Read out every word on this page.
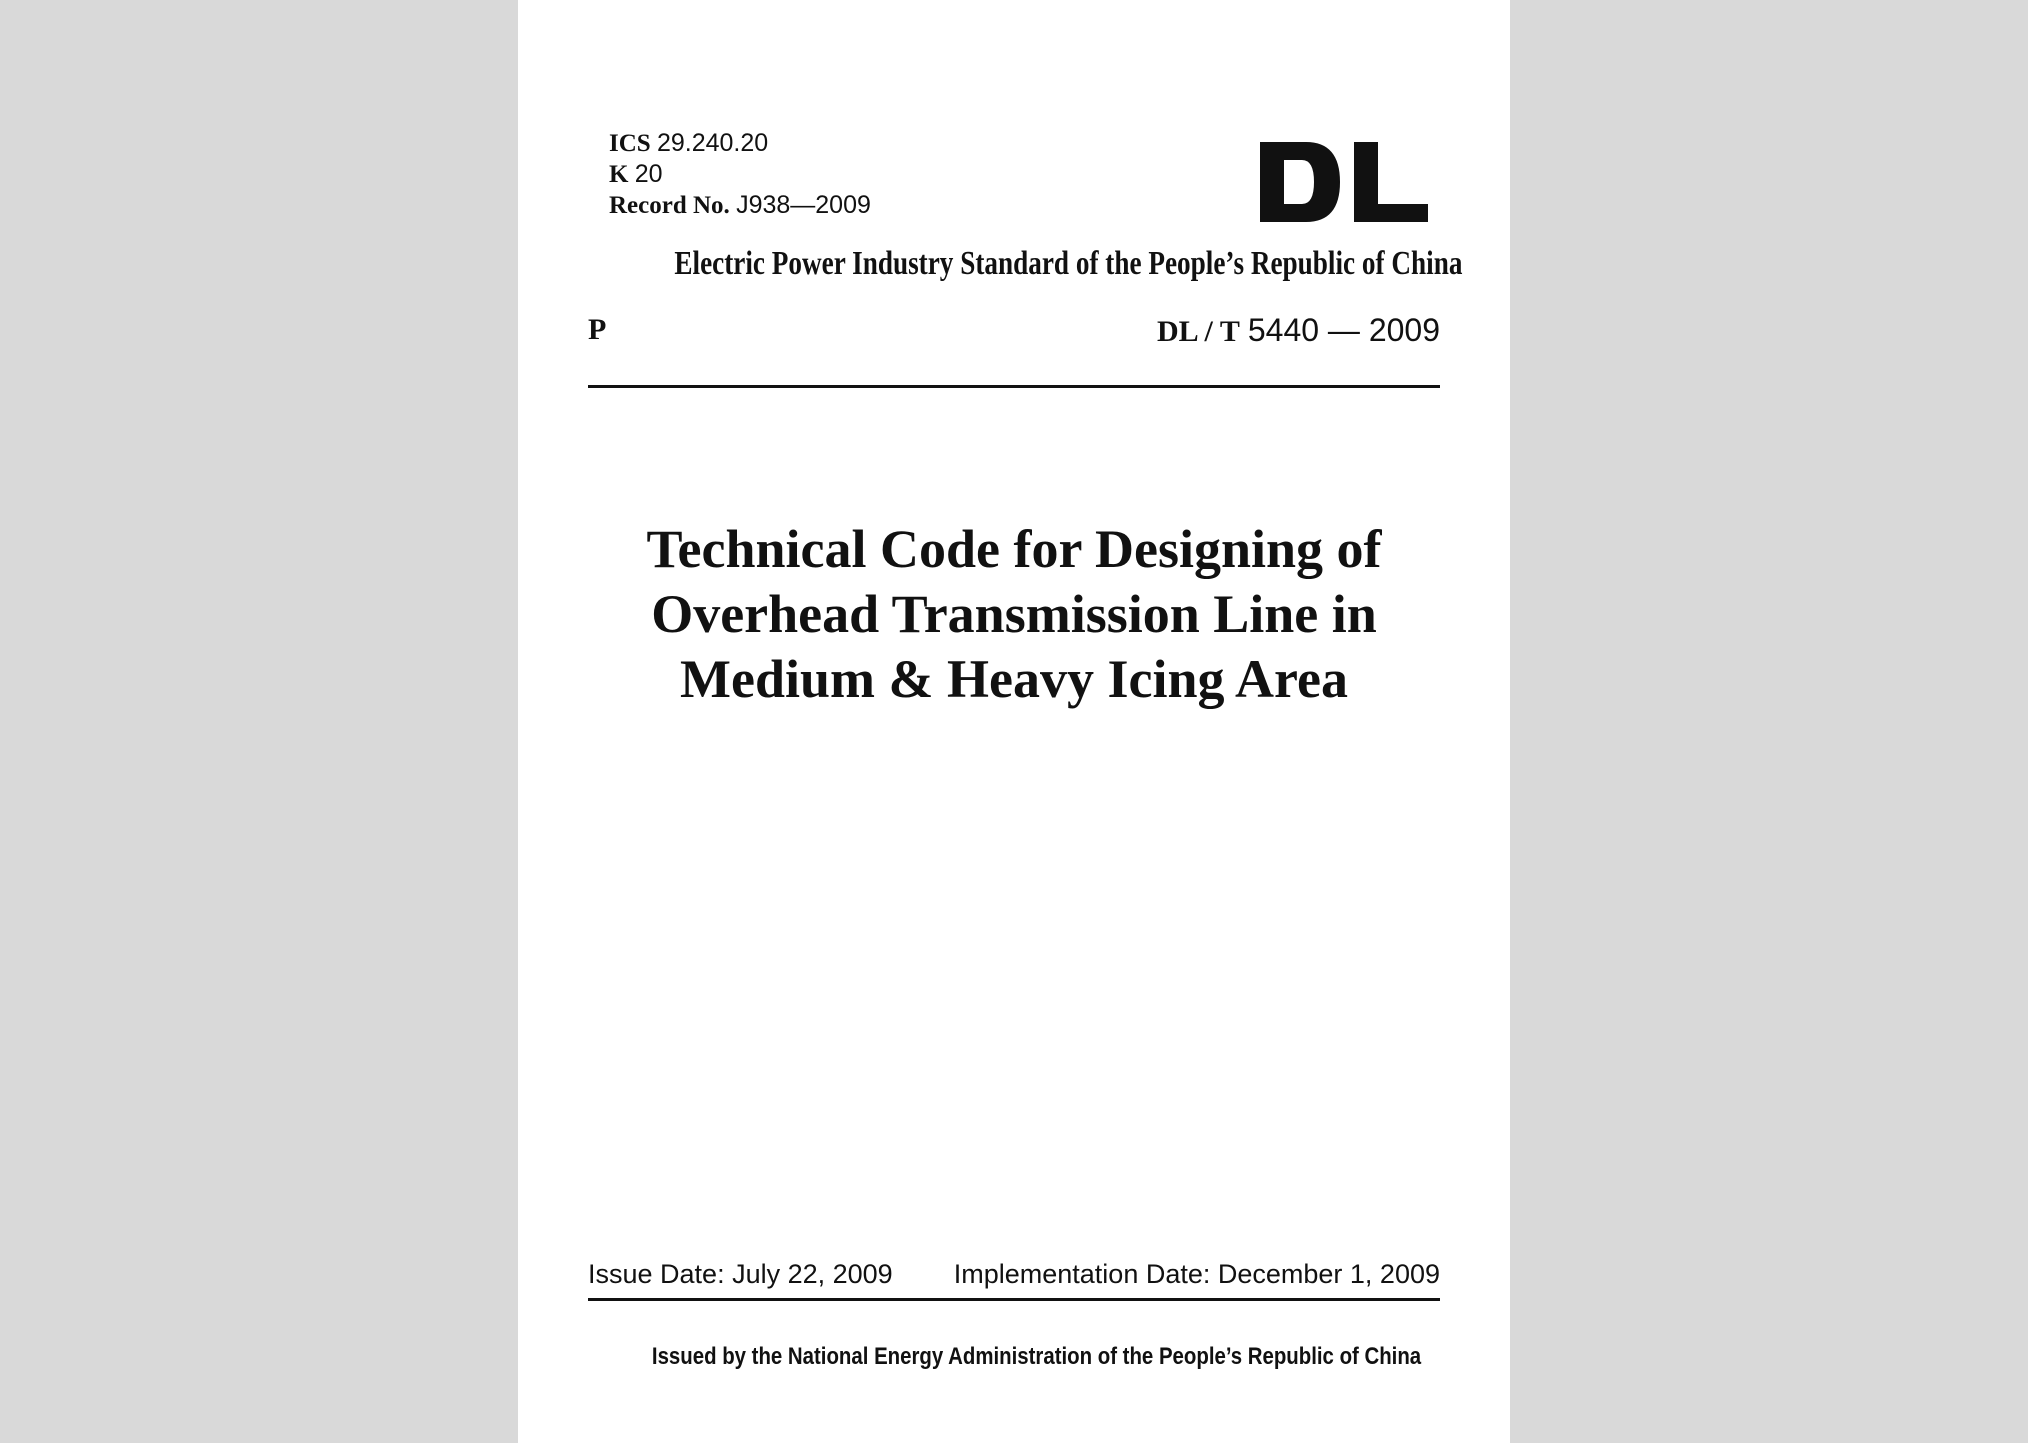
ICS 29.240.20
K 20
Record No. J938—2009
Electric Power Industry Standard of the People’s Republic of China
P	DL / T 5440 — 2009
Technical Code for Designing of
Overhead Transmission Line in
Medium & Heavy Icing Area
Issue Date: July 22, 2009 Implementation Date: December 1, 2009
Issued by the National Energy Administration of the People’s Republic of China
